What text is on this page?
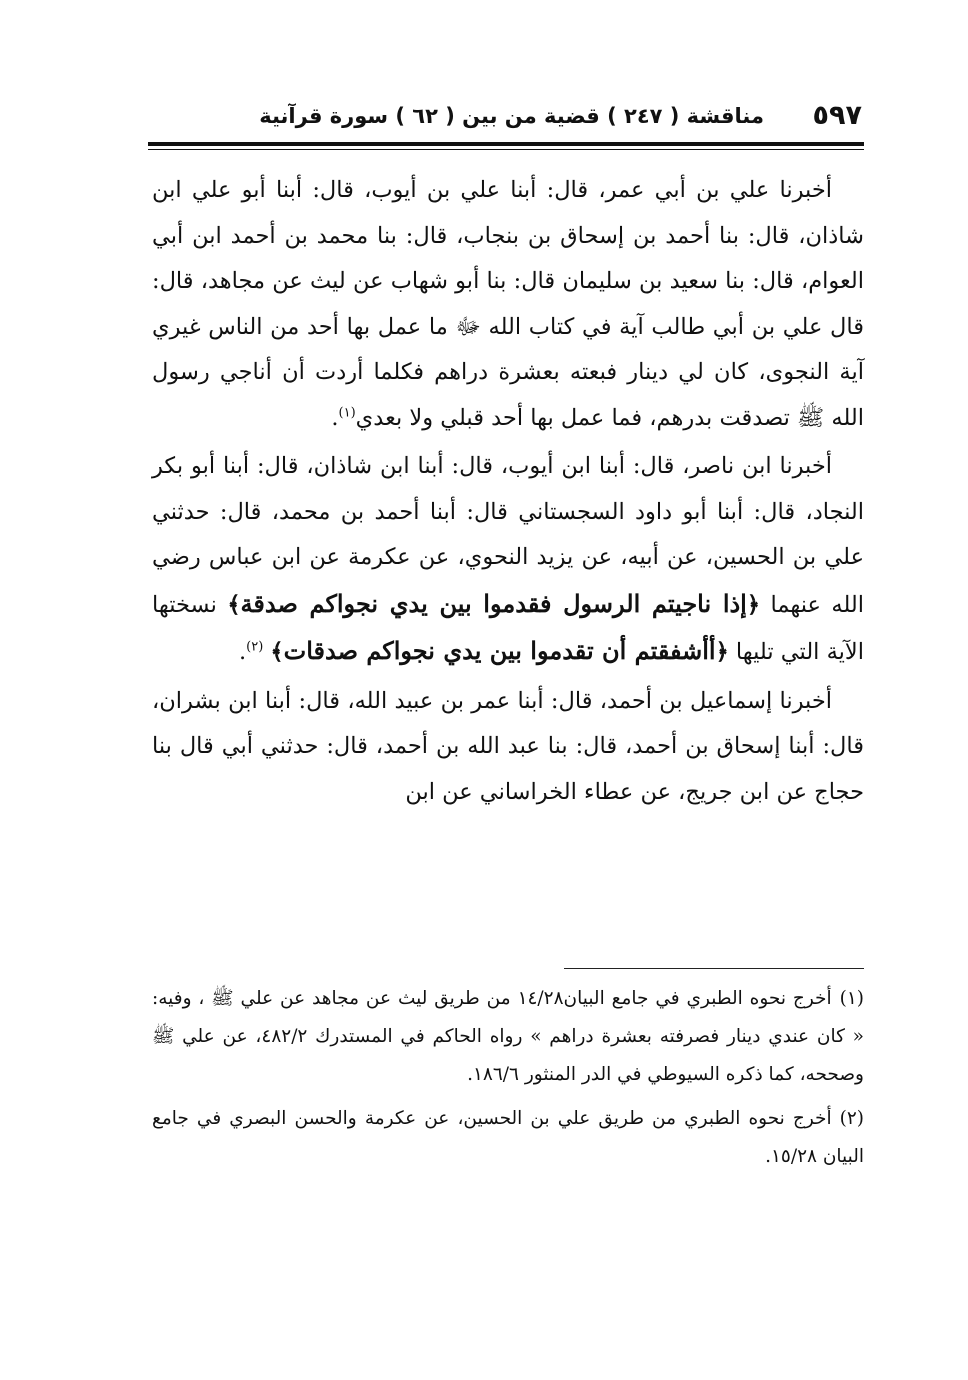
٥٩٧
مناقشة ( ٢٤٧ ) قضية من بين ( ٦٢ ) سورة قرآنية

أخبرنا علي بن أبي عمر، قال: أبنا علي بن أيوب، قال: أبنا أبو علي ابن شاذان، قال: بنا أحمد بن إسحاق بن بنجاب، قال: بنا محمد بن أحمد ابن أبي العوام، قال: بنا سعيد بن سليمان قال: بنا أبو شهاب عن ليث عن مجاهد، قال: قال علي بن أبي طالب آية في كتاب الله ﷻ ما عمل بها أحد من الناس غيري آية النجوى، كان لي دينار فبعته بعشرة دراهم فكلما أردت أن أناجي رسول الله ﷺ تصدقت بدرهم، فما عمل بها أحد قبلي ولا بعدي$^{(١)}$.

أخبرنا ابن ناصر، قال: أبنا ابن أيوب، قال: أبنا ابن شاذان، قال: أبنا أبو بكر النجاد، قال: أبنا أبو داود السجستاني قال: أبنا أحمد بن محمد، قال: حدثني علي بن الحسين، عن أبيه، عن يزيد النحوي، عن عكرمة عن ابن عباس رضي الله عنهما ﴿إذا ناجيتم الرسول فقدموا بين يدي نجواكم صدقة﴾ نسختها الآية التي تليها ﴿أأشفقتم أن تقدموا بين يدي نجواكم صدقات﴾ $^{(٢)}$.

أخبرنا إسماعيل بن أحمد، قال: أبنا عمر بن عبيد الله، قال: أبنا ابن بشران، قال: أبنا إسحاق بن أحمد، قال: بنا عبد الله بن أحمد، قال: حدثني أبي قال بنا حجاج عن ابن جريج، عن عطاء الخراساني عن ابن

(١)أخرج نحوه الطبري في جامع البيان١٤/٢٨ من طريق ليث عن مجاهد عن علي ﷺ ، وفيه: « كان عندي دينار فصرفته بعشرة دراهم » رواه الحاكم في المستدرك ٤٨٢/٢، عن علي ﷺ وصححه، كما ذكره السيوطي في الدر المنثور ١٨٦/٦.

(٢)أخرج نحوه الطبري من طريق علي بن الحسين، عن عكرمة والحسن البصري في جامع البيان ١٥/٢٨.
